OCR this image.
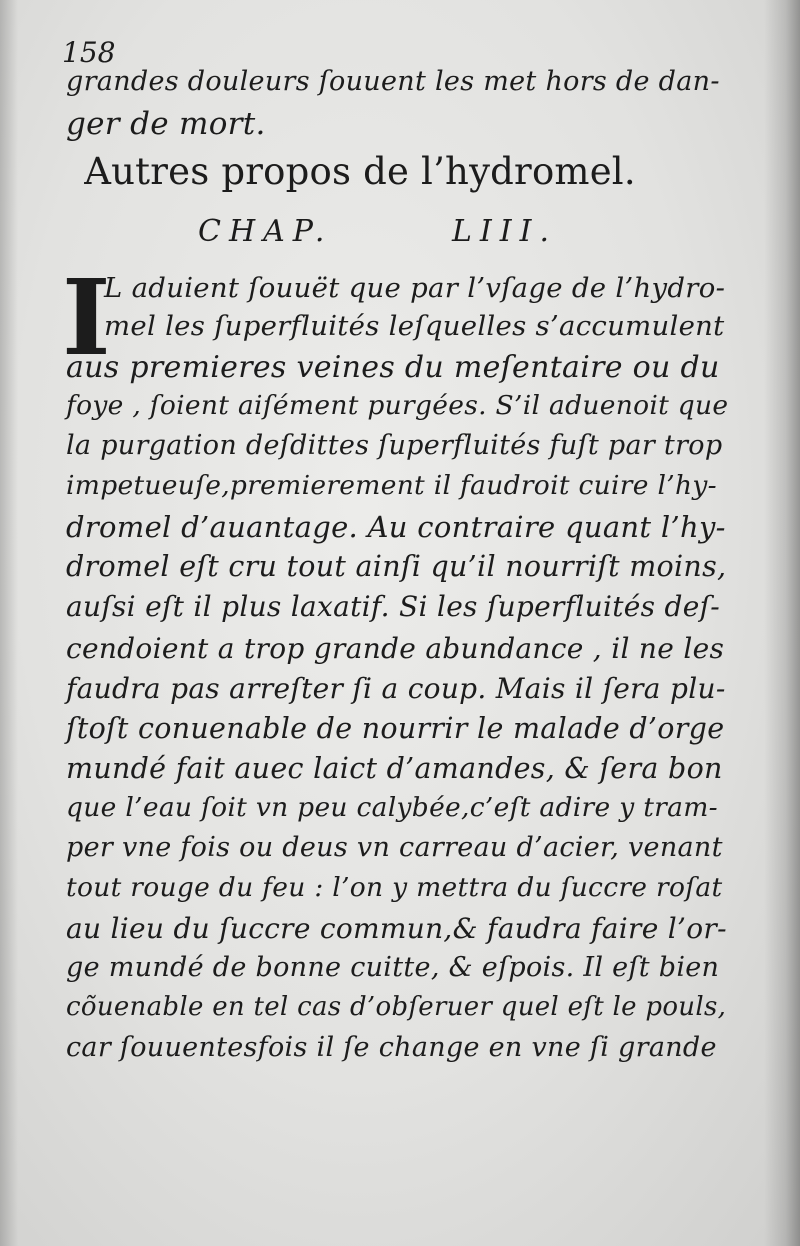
158
grandes douleurs ſouuent les met hors de dan-
ger de mort.
Autres propos de l’hydromel.
CHAP.	LIII.
I
L aduient ſouuët que par l’vſage de l’hydro-
mel les ſuperfluités leſquelles s’accumulent
aus premieres veines du meſentaire ou du
foye , ſoient aiſément purgées. S’il aduenoit que
la purgation deſdittes ſuperfluités fuſt par trop
impetueuſe,premierement il faudroit cuire l’hy-
dromel d’auantage. Au contraire quant l’hy-
dromel eſt cru tout ainſi qu’il nourriſt moins,
auſsi eſt il plus laxatif. Si les ſuperfluités deſ-
cendoient a trop grande abundance , il ne les
faudra pas arreſter ſi a coup. Mais il ſera plu-
ſtoſt conuenable de nourrir le malade d’orge
mundé fait auec laict d’amandes, & ſera bon
que l’eau ſoit vn peu calybée,c’eſt adire y tram-
per vne fois ou deus vn carreau d’acier, venant
tout rouge du feu : l’on y mettra du ſuccre roſat
au lieu du ſuccre commun,& faudra faire l’or-
ge mundé de bonne cuitte, & eſpois. Il eſt bien
cõuenable en tel cas d’obſeruer quel eſt le pouls,
car ſouuentesfois il ſe change en vne ſi grande
